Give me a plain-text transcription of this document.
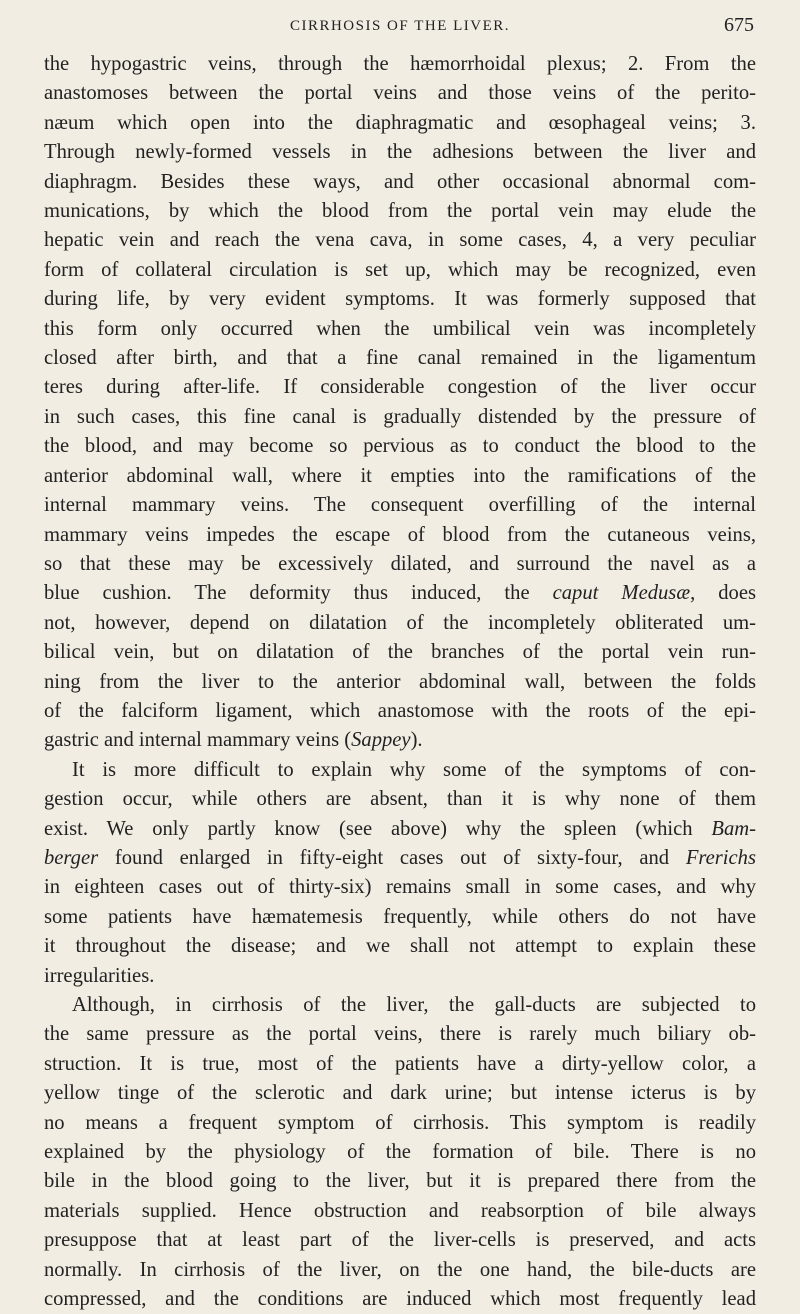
CIRRHOSIS OF THE LIVER.	675
the hypogastric veins, through the hæmorrhoidal plexus; 2. From the
anastomoses between the portal veins and those veins of the perito-
næum which open into the diaphragmatic and œsophageal veins; 3.
Through newly-formed vessels in the adhesions between the liver and
diaphragm. Besides these ways, and other occasional abnormal com-
munications, by which the blood from the portal vein may elude the
hepatic vein and reach the vena cava, in some cases, 4, a very peculiar
form of collateral circulation is set up, which may be recognized, even
during life, by very evident symptoms. It was formerly supposed that
this form only occurred when the umbilical vein was incompletely
closed after birth, and that a fine canal remained in the ligamentum
teres during after-life. If considerable congestion of the liver occur
in such cases, this fine canal is gradually distended by the pressure of
the blood, and may become so pervious as to conduct the blood to the
anterior abdominal wall, where it empties into the ramifications of the
internal mammary veins. The consequent overfilling of the internal
mammary veins impedes the escape of blood from the cutaneous veins,
so that these may be excessively dilated, and surround the navel as a
blue cushion. The deformity thus induced, the caput Medusæ, does
not, however, depend on dilatation of the incompletely obliterated um-
bilical vein, but on dilatation of the branches of the portal vein run-
ning from the liver to the anterior abdominal wall, between the folds
of the falciform ligament, which anastomose with the roots of the epi-
gastric and internal mammary veins (Sappey).
It is more difficult to explain why some of the symptoms of con-
gestion occur, while others are absent, than it is why none of them
exist. We only partly know (see above) why the spleen (which Bam-
berger found enlarged in fifty-eight cases out of sixty-four, and Frerichs
in eighteen cases out of thirty-six) remains small in some cases, and why
some patients have hæmatemesis frequently, while others do not have
it throughout the disease; and we shall not attempt to explain these
irregularities.
Although, in cirrhosis of the liver, the gall-ducts are subjected to
the same pressure as the portal veins, there is rarely much biliary ob-
struction. It is true, most of the patients have a dirty-yellow color, a
yellow tinge of the sclerotic and dark urine; but intense icterus is by
no means a frequent symptom of cirrhosis. This symptom is readily
explained by the physiology of the formation of bile. There is no
bile in the blood going to the liver, but it is prepared there from the
materials supplied. Hence obstruction and reabsorption of bile always
presuppose that at least part of the liver-cells is preserved, and acts
normally. In cirrhosis of the liver, on the one hand, the bile-ducts are
compressed, and the conditions are induced which most frequently lead
